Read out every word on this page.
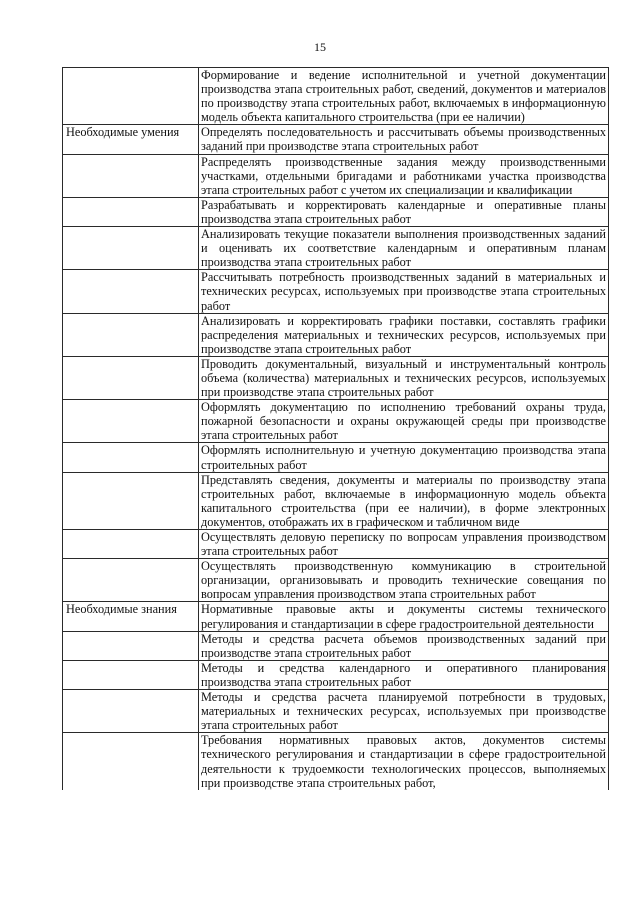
15
	Формирование и ведение исполнительной и учетной документации производства этапа строительных работ, сведений, документов и материалов по производству этапа строительных работ, включаемых в информационную модель объекта капитального строительства (при ее наличии)
Необходимые умения	Определять последовательность и рассчитывать объемы производственных заданий при производстве этапа строительных работ
	Распределять производственные задания между производственными участками, отдельными бригадами и работниками участка производства этапа строительных работ с учетом их специализации и квалификации
	Разрабатывать и корректировать календарные и оперативные планы производства этапа строительных работ
	Анализировать текущие показатели выполнения производственных заданий и оценивать их соответствие календарным и оперативным планам производства этапа строительных работ
	Рассчитывать потребность производственных заданий в материальных и технических ресурсах, используемых при производстве этапа строительных работ
	Анализировать и корректировать графики поставки, составлять графики распределения материальных и технических ресурсов, используемых при производстве этапа строительных работ
	Проводить документальный, визуальный и инструментальный контроль объема (количества) материальных и технических ресурсов, используемых при производстве этапа строительных работ
	Оформлять документацию по исполнению требований охраны труда, пожарной безопасности и охраны окружающей среды при производстве этапа строительных работ
	Оформлять исполнительную и учетную документацию производства этапа строительных работ
	Представлять сведения, документы и материалы по производству этапа строительных работ, включаемые в информационную модель объекта капитального строительства (при ее наличии), в форме электронных документов, отображать их в графическом и табличном виде
	Осуществлять деловую переписку по вопросам управления производством этапа строительных работ
	Осуществлять производственную коммуникацию в строительной организации, организовывать и проводить технические совещания по вопросам управления производством этапа строительных работ
Необходимые знания	Нормативные правовые акты и документы системы технического регулирования и стандартизации в сфере градостроительной деятельности
	Методы и средства расчета объемов производственных заданий при производстве этапа строительных работ
	Методы и средства календарного и оперативного планирования производства этапа строительных работ
	Методы и средства расчета планируемой потребности в трудовых, материальных и технических ресурсах, используемых при производстве этапа строительных работ
	Требования нормативных правовых актов, документов системы технического регулирования и стандартизации в сфере градостроительной деятельности к трудоемкости технологических процессов, выполняемых при производстве этапа строительных работ,
